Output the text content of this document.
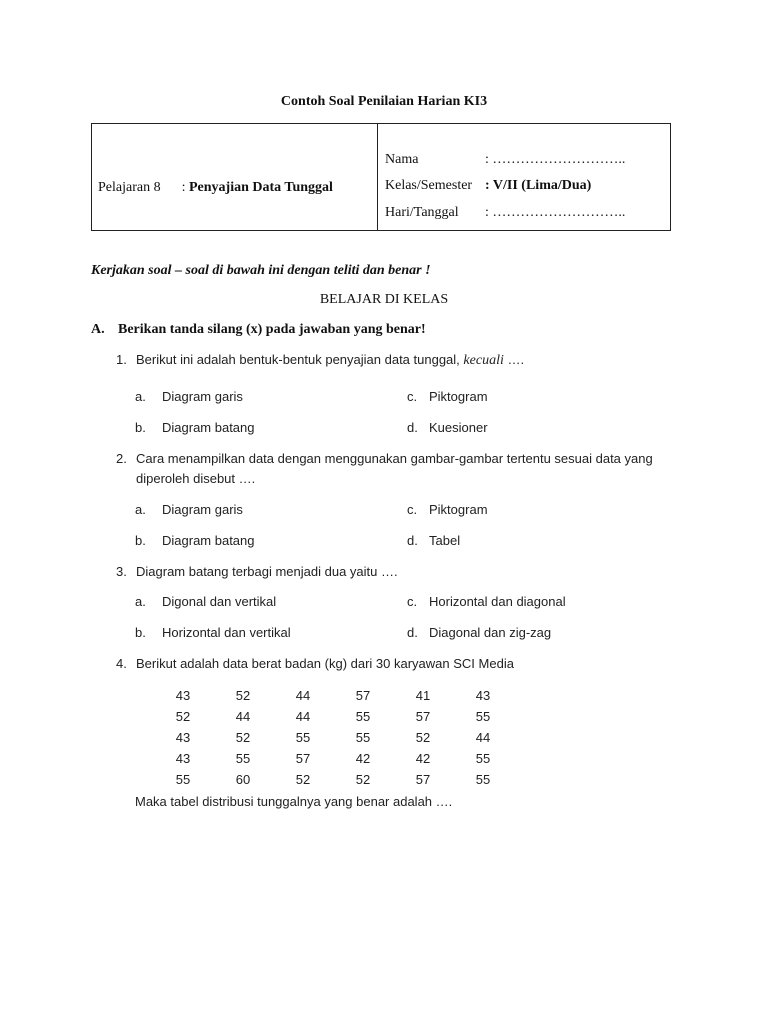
Contoh Soal Penilaian Harian KI3
Pelajaran 8 : Penyajian Data Tunggal
Nama	: ………………………..
Kelas/Semester : V/II (Lima/Dua)
Hari/Tanggal : ………………………..
Kerjakan soal – soal di bawah ini dengan teliti dan benar !
BELAJAR DI KELAS
A. Berikan tanda silang (x) pada jawaban yang benar!
1. Berikut ini adalah bentuk-bentuk penyajian data tunggal, kecuali ….
a. Diagram garis
b. Diagram batang
c. Piktogram
d. Kuesioner
2. Cara menampilkan data dengan menggunakan gambar-gambar tertentu sesuai data yang
diperoleh disebut ….
a. Diagram garis
b. Diagram batang
c. Piktogram
d. Tabel
3. Diagram batang terbagi menjadi dua yaitu ….
a. Digonal dan vertikal
b. Horizontal dan vertikal
c. Horizontal dan diagonal
d. Diagonal dan zig-zag
4. Berikut adalah data berat badan (kg) dari 30 karyawan SCI Media
43	52	44	57	41	43
52	44	44	55	57	55
43	52	55	55	52	44
43	55	57	42	42	55
55	60	52	52	57	55
Maka tabel distribusi tunggalnya yang benar adalah ….
